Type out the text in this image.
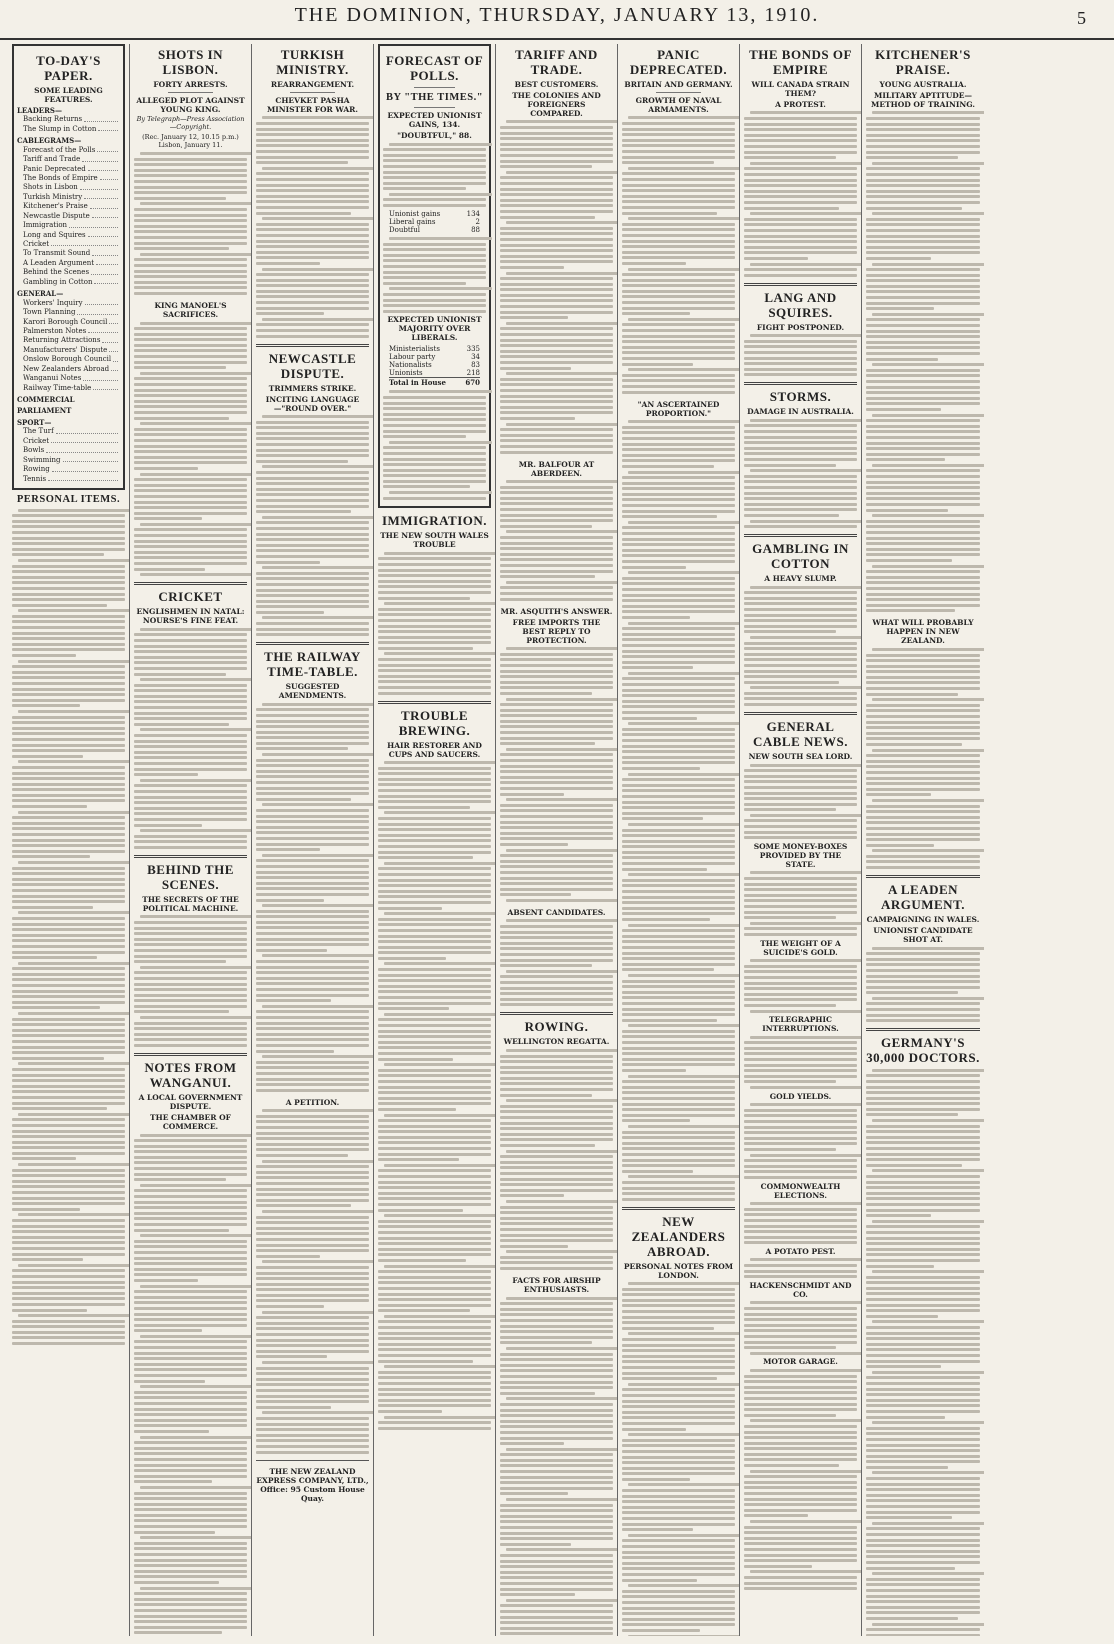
THE DOMINION, THURSDAY, JANUARY 13, 1910.	5
TO-DAY'S PAPER.
SOME LEADING FEATURES.
LEADERS—
Backing Returns
The Slump in Cotton
CABLEGRAMS—
Forecast of the Polls
Tariff and Trade
Panic Deprecated
The Bonds of Empire
Shots in Lisbon
Turkish Ministry
Kitchener's Praise
Newcastle Dispute
Immigration
Long and Squires
Cricket
To Transmit Sound
A Leaden Argument
Behind the Scenes
Gambling in Cotton
GENERAL—
Workers' Inquiry
Town Planning
Karori Borough Council
Palmerston Notes
Returning Attractions
Manufacturers' Dispute
Onslow Borough Council
New Zealanders Abroad
Wanganui Notes
Railway Time-table
COMMERCIAL
PARLIAMENT
SPORT—
The Turf
Cricket
Bowls
Swimming
Rowing
Tennis
PERSONAL ITEMS.
SHOTS IN LISBON.
FORTY ARRESTS.
ALLEGED PLOT AGAINST YOUNG KING.
By Telegraph—Press Association—Copyright.
(Rec. January 12, 10.15 p.m.) Lisbon, January 11.
KING MANOEL'S SACRIFICES.
CRICKET
ENGLISHMEN IN NATAL: NOURSE'S FINE FEAT.
BEHIND THE SCENES.
THE SECRETS OF THE POLITICAL MACHINE.
NOTES FROM WANGANUI.
A LOCAL GOVERNMENT DISPUTE.
THE CHAMBER OF COMMERCE.
TURKISH MINISTRY.
REARRANGEMENT.
CHEVKET PASHA MINISTER FOR WAR.
NEWCASTLE DISPUTE.
TRIMMERS STRIKE.
INCITING LANGUAGE—"ROUND OVER."
THE RAILWAY TIME-TABLE.
SUGGESTED AMENDMENTS.
A PETITION.
THE NEW ZEALAND EXPRESS COMPANY, LTD., Office: 95 Custom House Quay.
FORECAST OF POLLS.
BY "THE TIMES."
EXPECTED UNIONIST GAINS, 134.
"DOUBTFUL," 88.
Unionist gains	134
Liberal gains	2
Doubtful	88
EXPECTED UNIONIST MAJORITY OVER LIBERALS.
Ministerialists	335
Labour party	34
Nationalists	83
Unionists	218
Total in House	670
IMMIGRATION.
THE NEW SOUTH WALES TROUBLE
TROUBLE BREWING.
HAIR RESTORER AND CUPS AND SAUCERS.
TARIFF AND TRADE.
BEST CUSTOMERS.
THE COLONIES AND FOREIGNERS COMPARED.
MR. BALFOUR AT ABERDEEN.
MR. ASQUITH'S ANSWER.
FREE IMPORTS THE BEST REPLY TO PROTECTION.
ABSENT CANDIDATES.
ROWING.
WELLINGTON REGATTA.
FACTS FOR AIRSHIP ENTHUSIASTS.
PANIC DEPRECATED.
BRITAIN AND GERMANY.
GROWTH OF NAVAL ARMAMENTS.
"AN ASCERTAINED PROPORTION."
NEW ZEALANDERS ABROAD.
PERSONAL NOTES FROM LONDON.
THE BONDS OF EMPIRE
WILL CANADA STRAIN THEM?
A PROTEST.
LANG AND SQUIRES.
FIGHT POSTPONED.
STORMS.
DAMAGE IN AUSTRALIA.
GAMBLING IN COTTON
A HEAVY SLUMP.
GENERAL CABLE NEWS.
NEW SOUTH SEA LORD.
SOME MONEY-BOXES PROVIDED BY THE STATE.
THE WEIGHT OF A SUICIDE'S GOLD.
TELEGRAPHIC INTERRUPTIONS.
GOLD YIELDS.
COMMONWEALTH ELECTIONS.
A POTATO PEST.
HACKENSCHMIDT AND CO.
MOTOR GARAGE.
KITCHENER'S PRAISE.
YOUNG AUSTRALIA.
MILITARY APTITUDE—METHOD OF TRAINING.
WHAT WILL PROBABLY HAPPEN IN NEW ZEALAND.
A LEADEN ARGUMENT.
CAMPAIGNING IN WALES.
UNIONIST CANDIDATE SHOT AT.
GERMANY'S 30,000 DOCTORS.
